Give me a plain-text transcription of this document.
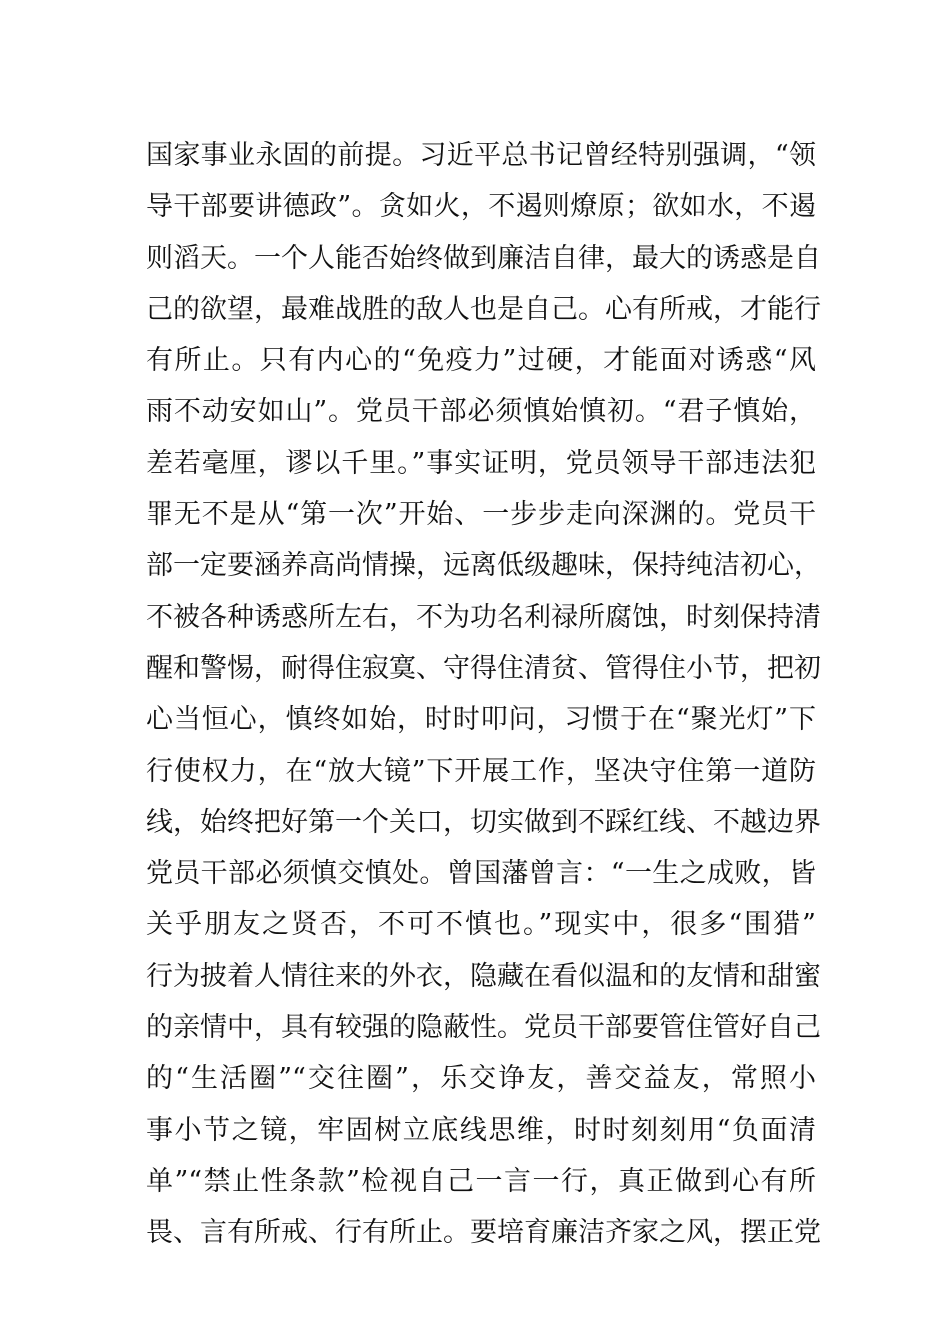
国家事业永固的前提。习近平总书记曾经特别强调，“领
导干部要讲德政”。贪如火，不遏则燎原；欲如水，不遏
则滔天。一个人能否始终做到廉洁自律，最大的诱惑是自
己的欲望，最难战胜的敌人也是自己。心有所戒，才能行
有所止。只有内心的“免疫力”过硬，才能面对诱惑“风
雨不动安如山”。党员干部必须慎始慎初。“君子慎始，
差若毫厘，谬以千里。”事实证明，党员领导干部违法犯
罪无不是从“第一次”开始、一步步走向深渊的。党员干
部一定要涵养高尚情操，远离低级趣味，保持纯洁初心，
不被各种诱惑所左右，不为功名利禄所腐蚀，时刻保持清
醒和警惕，耐得住寂寞、守得住清贫、管得住小节，把初
心当恒心，慎终如始，时时叩问，习惯于在“聚光灯”下
行使权力，在“放大镜”下开展工作，坚决守住第一道防
线，始终把好第一个关口，切实做到不踩红线、不越边界
党员干部必须慎交慎处。曾国藩曾言：“一生之成败，皆
关乎朋友之贤否，不可不慎也。”现实中，很多“围猎”
行为披着人情往来的外衣，隐藏在看似温和的友情和甜蜜
的亲情中，具有较强的隐蔽性。党员干部要管住管好自己
的“生活圈”“交往圈”，乐交诤友，善交益友，常照小
事小节之镜，牢固树立底线思维，时时刻刻用“负面清
单”“禁止性条款”检视自己一言一行，真正做到心有所
畏、言有所戒、行有所止。要培育廉洁齐家之风，摆正党
